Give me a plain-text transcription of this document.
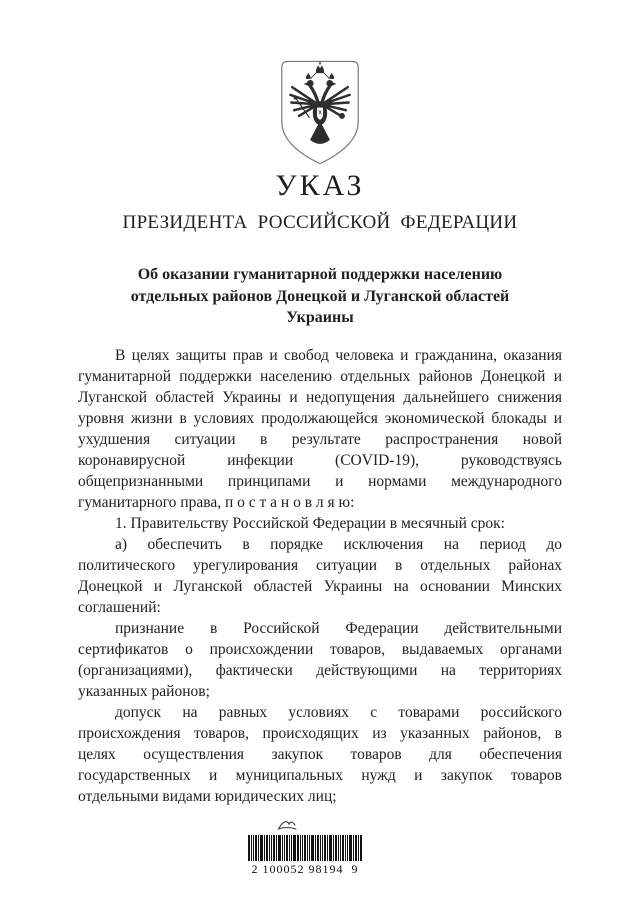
УКАЗ
ПРЕЗИДЕНТА РОССИЙСКОЙ ФЕДЕРАЦИИ
Об оказании гуманитарной поддержки населению
отдельных районов Донецкой и Луганской областей
Украины
В целях защиты прав и свобод человека и гражданина, оказания
гуманитарной поддержки населению отдельных районов Донецкой и
Луганской областей Украины и недопущения дальнейшего снижения
уровня жизни в условиях продолжающейся экономической блокады и
ухудшения ситуации в результате распространения новой
коронавирусной инфекции (COVID-19), руководствуясь
общепризнанными принципами и нормами международного
гуманитарного права, п о с т а н о в л я ю:
1. Правительству Российской Федерации в месячный срок:
а) обеспечить в порядке исключения на период до
политического урегулирования ситуации в отдельных районах
Донецкой и Луганской областей Украины на основании Минских
соглашений:
признание в Российской Федерации действительными
сертификатов о происхождении товаров, выдаваемых органами
(организациями), фактически действующими на территориях
указанных районов;
допуск на равных условиях с товарами российского
происхождения товаров, происходящих из указанных районов, в
целях осуществления закупок товаров для обеспечения
государственных и муниципальных нужд и закупок товаров
отдельными видами юридических лиц;
2 100052 98194  9
